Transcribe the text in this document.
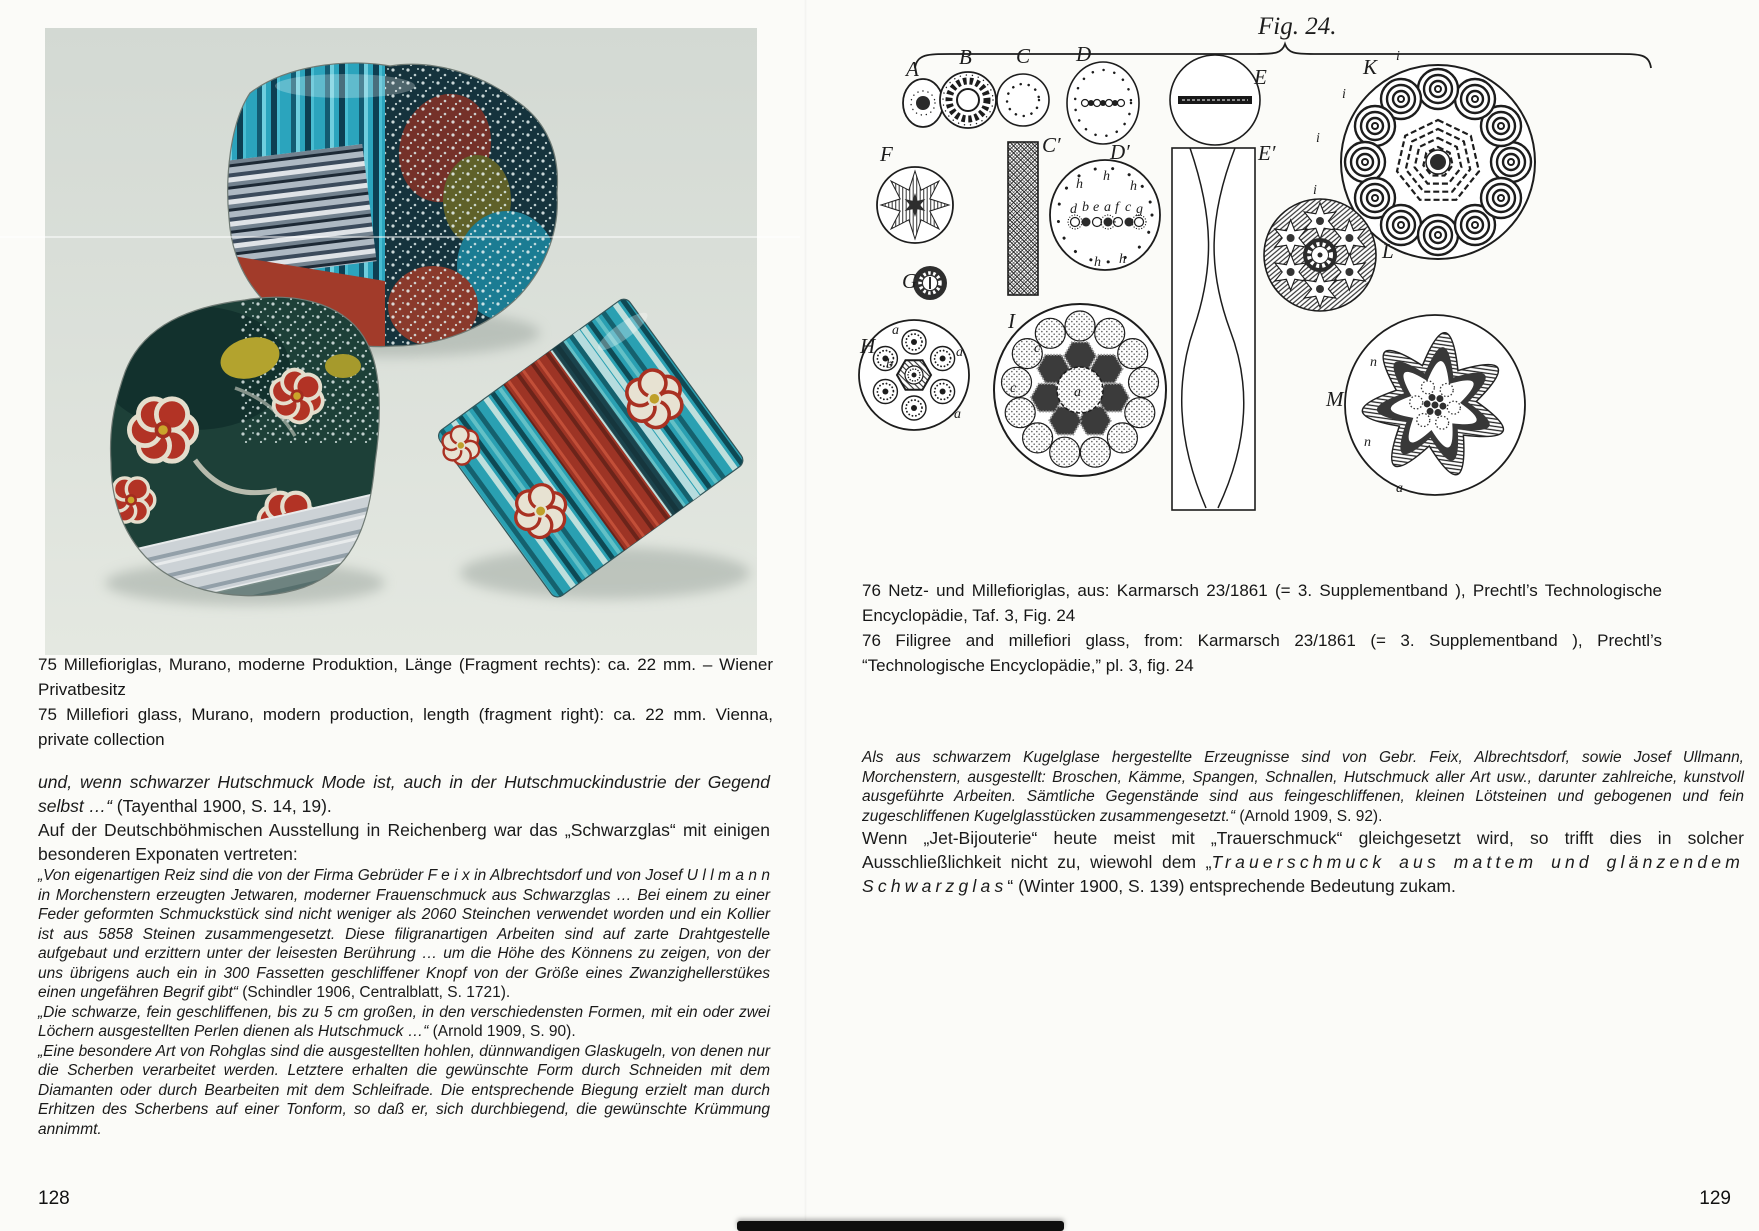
75 Millefioriglas, Murano, moderne Produktion, Länge (Fragment rechts): ca. 22 mm. – Wiener Privatbesitz

75 Millefiori glass, Murano, modern production, length (fragment right): ca. 22 mm. Vienna, private collection

und, wenn schwarzer Hutschmuck Mode ist, auch in der Hutschmuckindustrie der Gegend selbst …“ (Tayenthal 1900, S. 14, 19).

Auf der Deutschböhmischen Ausstellung in Reichenberg war das „Schwarzglas“ mit einigen besonderen Exponaten vertreten:

„Von eigenartigen Reiz sind die von der Firma Gebrüder F e i x in Albrechtsdorf und von Josef U l l m a n n in Morchenstern erzeugten Jetwaren, moderner Frauenschmuck aus Schwarzglas … Bei einem zu einer Feder geformten Schmuckstück sind nicht weniger als 2060 Steinchen verwendet worden und ein Kollier ist aus 5858 Steinen zusammengesetzt. Diese filigranartigen Arbeiten sind auf zarte Drahtgestelle aufgebaut und erzittern unter der leisesten Berührung … um die Höhe des Könnens zu zeigen, von der uns übrigens auch ein in 300 Fassetten geschliffener Knopf von der Größe eines Zwanzighellerstükes einen ungefähren Begrif gibt“ (Schindler 1906, Centralblatt, S. 1721).

„Die schwarze, fein geschliffenen, bis zu 5 cm großen, in den verschiedensten Formen, mit ein oder zwei Löchern ausgestellten Perlen dienen als Hutschmuck …“ (Arnold 1909, S. 90).

„Eine besondere Art von Rohglas sind die ausgestellten hohlen, dünnwandigen Glaskugeln, von denen nur die Scherben verarbeitet werden. Letztere erhalten die gewünschte Form durch Schneiden mit dem Diamanten oder durch Bearbeiten mit dem Schleifrade. Die entsprechende Biegung erzielt man durch Erhitzen des Scherbens auf einer Tonform, so daß er, sich durchbiegend, die gewünschte Krümmung annimmt.

128
Fig. 24.
A B C D
E	K i
i
i
i
F	C′
h
h
h
d b e a f c g
h h
D′	E′
L
G
H
a
a
a
b
I
c
c	a	M
n
n
a

76 Netz- und Millefioriglas, aus: Karmarsch 23/1861 (= 3. Supplementband ), Prechtl’s Technologische Encyclopädie, Taf. 3, Fig. 24

76 Filigree and millefiori glass, from: Karmarsch 23/1861 (= 3. Supplementband ), Prechtl’s “Technologische Encyclopädie,” pl. 3, fig. 24

Als aus schwarzem Kugelglase hergestellte Erzeugnisse sind von Gebr. Feix, Albrechtsdorf, sowie Josef Ullmann, Morchenstern, ausgestellt: Broschen, Kämme, Spangen, Schnallen, Hutschmuck aller Art usw., darunter zahlreiche, kunstvoll ausgeführte Arbeiten. Sämtliche Gegenstände sind aus feingeschliffenen, kleinen Lötsteinen und gebogenen und fein zugeschliffenen Kugelglasstücken zusammengesetzt.“ (Arnold 1909, S. 92).

Wenn „Jet-Bijouterie“ heute meist mit „Trauerschmuck“ gleichgesetzt wird, so trifft dies in solcher Ausschließlichkeit nicht zu, wiewohl dem „Trauerschmuck aus mattem und glänzendem Schwarzglas“ (Winter 1900, S. 139) entsprechende Bedeutung zukam.

129
